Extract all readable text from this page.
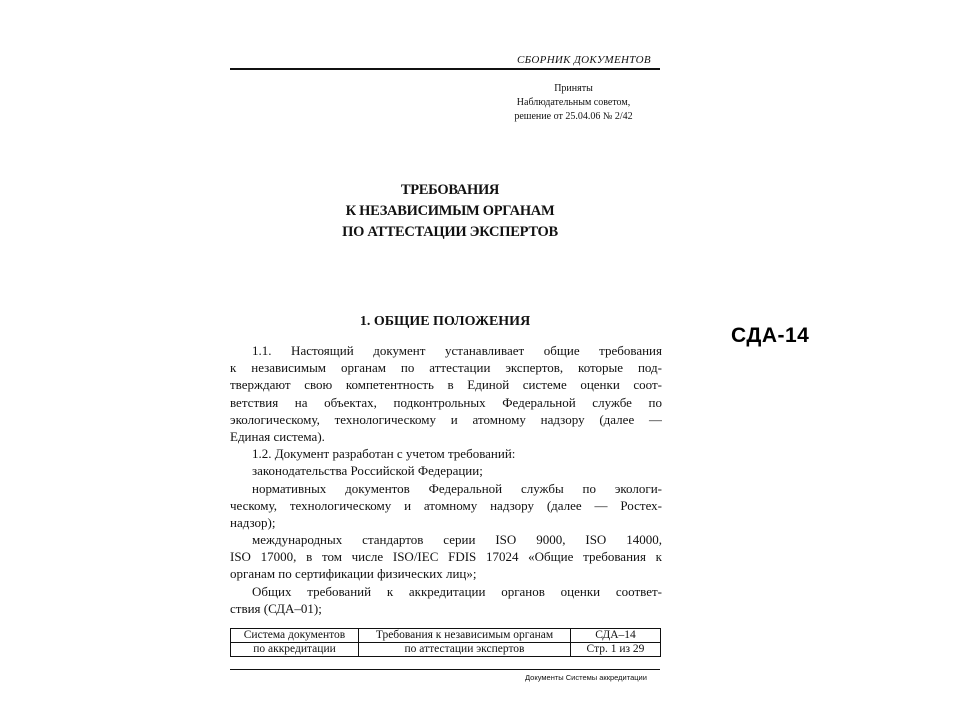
СБОРНИК ДОКУМЕНТОВ
Приняты
Наблюдательным советом,
решение от 25.04.06 № 2/42
ТРЕБОВАНИЯ
К НЕЗАВИСИМЫМ ОРГАНАМ
ПО АТТЕСТАЦИИ ЭКСПЕРТОВ
1. ОБЩИЕ ПОЛОЖЕНИЯ
1.1. Настоящий документ устанавливает общие требования
к независимым органам по аттестации экспертов, которые под-
тверждают свою компетентность в Единой системе оценки соот-
ветствия на объектах, подконтрольных Федеральной службе по
экологическому, технологическому и атомному надзору (далее —
Единая система).
1.2. Документ разработан с учетом требований:
законодательства Российской Федерации;
нормативных документов Федеральной службы по экологи-
ческому, технологическому и атомному надзору (далее — Ростех-
надзор);
международных стандартов серии ISO 9000, ISO 14000,
ISO 17000, в том числе ISO/IEC FDIS 17024 «Общие требования к
органам по сертификации физических лиц»;
Общих требований к аккредитации органов оценки соответ-
ствия (СДА–01);
Система документов	Требования к независимым органам	СДА–14
по аккредитации	по аттестации экспертов	Стр. 1 из 29
Документы Системы аккредитации
СДА-14
